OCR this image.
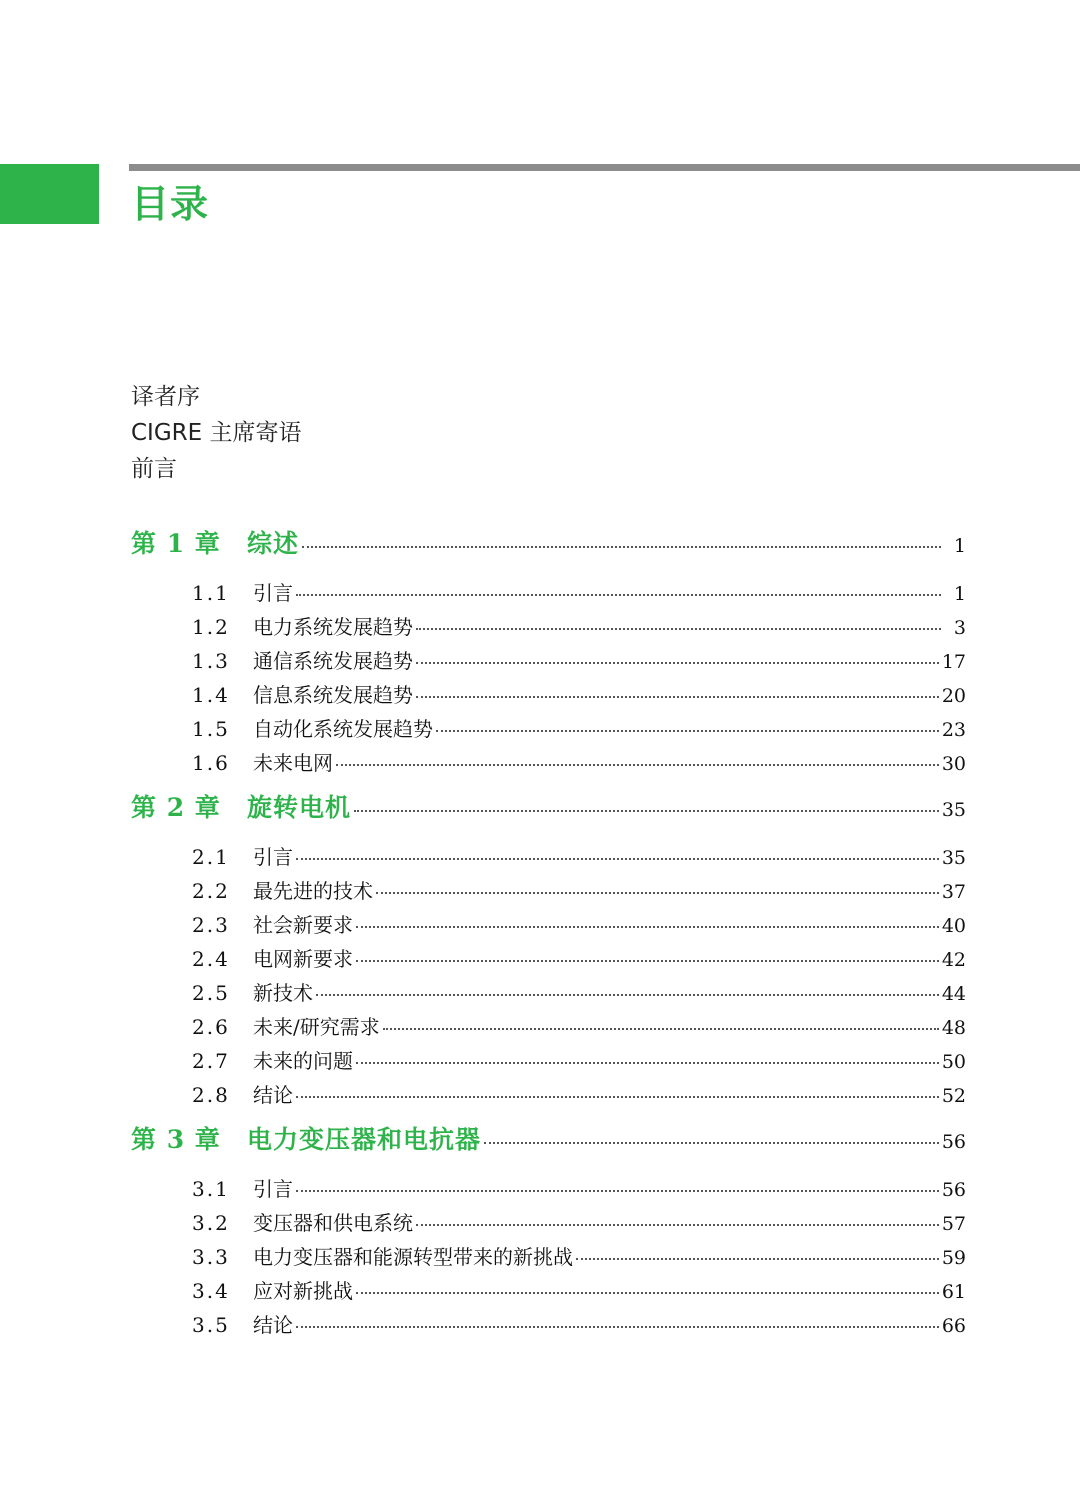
目录
译者序
CIGRE 主席寄语
前言
第 1 章	综述	1
1.1	引言	1
1.2	电力系统发展趋势	3
1.3	通信系统发展趋势	17
1.4	信息系统发展趋势	20
1.5	自动化系统发展趋势	23
1.6	未来电网	30
第 2 章	旋转电机	35
2.1	引言	35
2.2	最先进的技术	37
2.3	社会新要求	40
2.4	电网新要求	42
2.5	新技术	44
2.6	未来/研究需求	48
2.7	未来的问题	50
2.8	结论	52
第 3 章	电力变压器和电抗器	56
3.1	引言	56
3.2	变压器和供电系统	57
3.3	电力变压器和能源转型带来的新挑战	59
3.4	应对新挑战	61
3.5	结论	66
